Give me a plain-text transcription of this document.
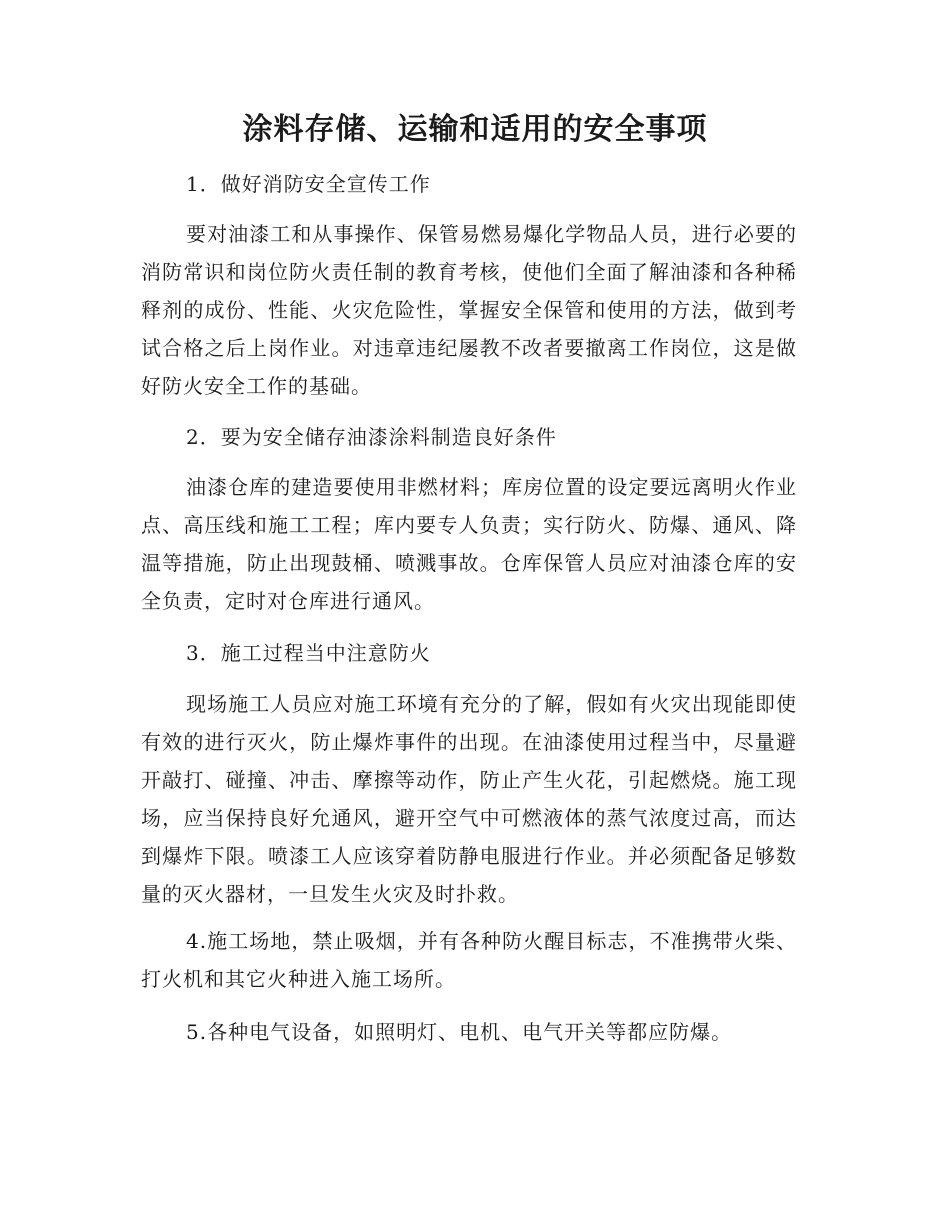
涂料存储、运输和适用的安全事项
1．做好消防安全宣传工作
要对油漆工和从事操作、保管易燃易爆化学物品人员，进行必要的消防常识和岗位防火责任制的教育考核，使他们全面了解油漆和各种稀释剂的成份、性能、火灾危险性，掌握安全保管和使用的方法，做到考试合格之后上岗作业。对违章违纪屡教不改者要撤离工作岗位，这是做好防火安全工作的基础。
2．要为安全储存油漆涂料制造良好条件
油漆仓库的建造要使用非燃材料；库房位置的设定要远离明火作业点、高压线和施工工程；库内要专人负责；实行防火、防爆、通风、降温等措施，防止出现鼓桶、喷溅事故。仓库保管人员应对油漆仓库的安全负责，定时对仓库进行通风。
3．施工过程当中注意防火
现场施工人员应对施工环境有充分的了解，假如有火灾出现能即使有效的进行灭火，防止爆炸事件的出现。在油漆使用过程当中，尽量避开敲打、碰撞、冲击、摩擦等动作，防止产生火花，引起燃烧。施工现场，应当保持良好允通风，避开空气中可燃液体的蒸气浓度过高，而达到爆炸下限。喷漆工人应该穿着防静电服进行作业。并必须配备足够数量的灭火器材，一旦发生火灾及时扑救。
4.施工场地，禁止吸烟，并有各种防火醒目标志，不准携带火柴、打火机和其它火种进入施工场所。
5.各种电气设备，如照明灯、电机、电气开关等都应防爆。
